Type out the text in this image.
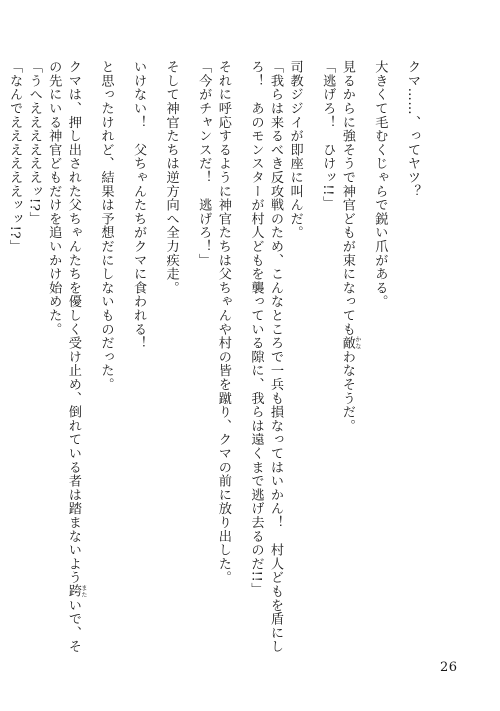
クマ……、ってヤツ？
大きくて毛むくじゃらで鋭い爪がある。
見るからに強そうで神官どもが束になっても敵 かなわなそうだ。
「逃げろ！　ひけッ!!」
司教ジジイが即座に叫んだ。
「我らは来るべき反攻戦のため、こんなところで一兵も損なってはいかん！　村人どもを盾にし
ろ！　あのモンスターが村人どもを襲っている隙に、我らは遠くまで逃げ去るのだ!!」
それに呼応するように神官たちは父ちゃんや村の皆を蹴り、クマの前に放り出した。
「今がチャンスだ！　逃げろ！」
そして神官たちは逆方向へ全力疾走。
いけない！　父ちゃんたちがクマに食われる！
と思ったけれど、結果は予想だにしないものだった。
クマは、押し出された父ちゃんたちを優しく受け止め、倒れている者は踏まないよう跨 またいで、そ
の先にいる神官どもだけを追いかけ始めた。
「うへええええええッ!?」
「なんでええええええッッ!?」
26
